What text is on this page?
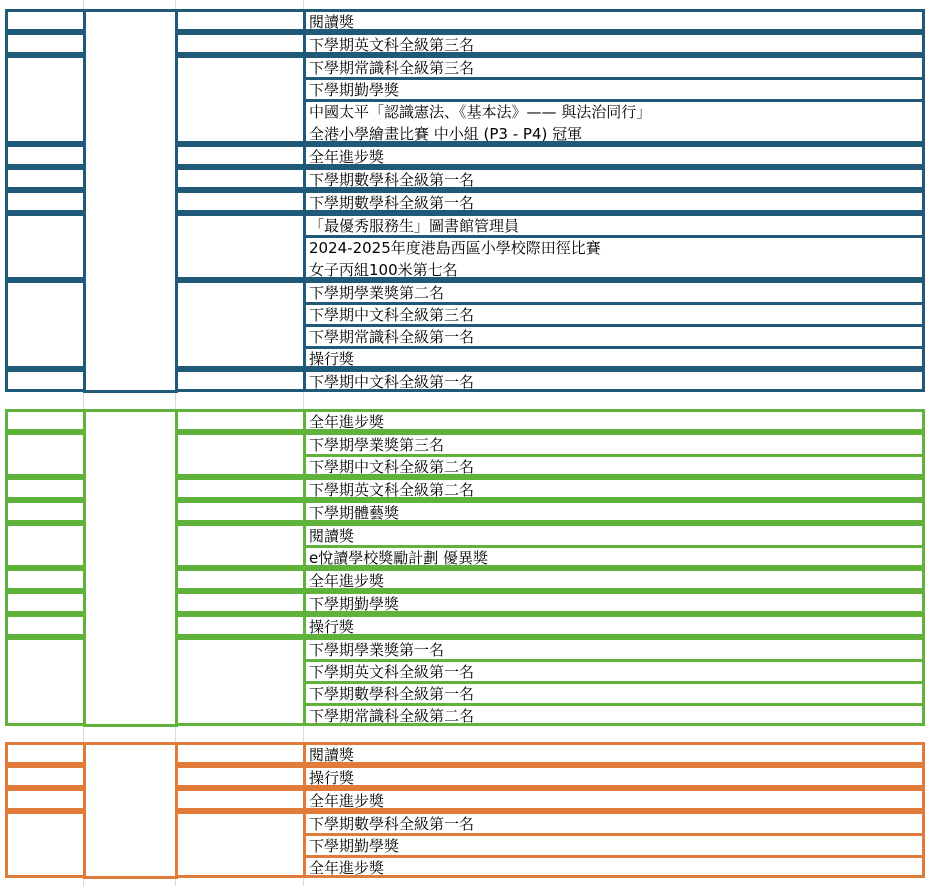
閱讀獎
下學期英文科全級第三名
下學期常識科全級第三名
下學期勤學獎
中國太平「認識憲法、《基本法》—— 與法治同行」
全港小學繪畫比賽 中小組 (P3 - P4) 冠軍
全年進步獎
下學期數學科全級第一名
下學期數學科全級第一名
「最優秀服務生」圖書館管理員
2024-2025年度港島西區小學校際田徑比賽
女子丙組100米第七名
下學期學業獎第二名
下學期中文科全級第三名
下學期常識科全級第一名
操行獎
下學期中文科全級第一名
全年進步獎
下學期學業獎第三名
下學期中文科全級第二名
下學期英文科全級第二名
下學期體藝獎
閱讀獎
e悅讀學校獎勵計劃 優異獎
全年進步獎
下學期勤學獎
操行獎
下學期學業獎第一名
下學期英文科全級第一名
下學期數學科全級第一名
下學期常識科全級第二名
閱讀獎
操行獎
全年進步獎
下學期數學科全級第一名
下學期勤學獎
全年進步獎
